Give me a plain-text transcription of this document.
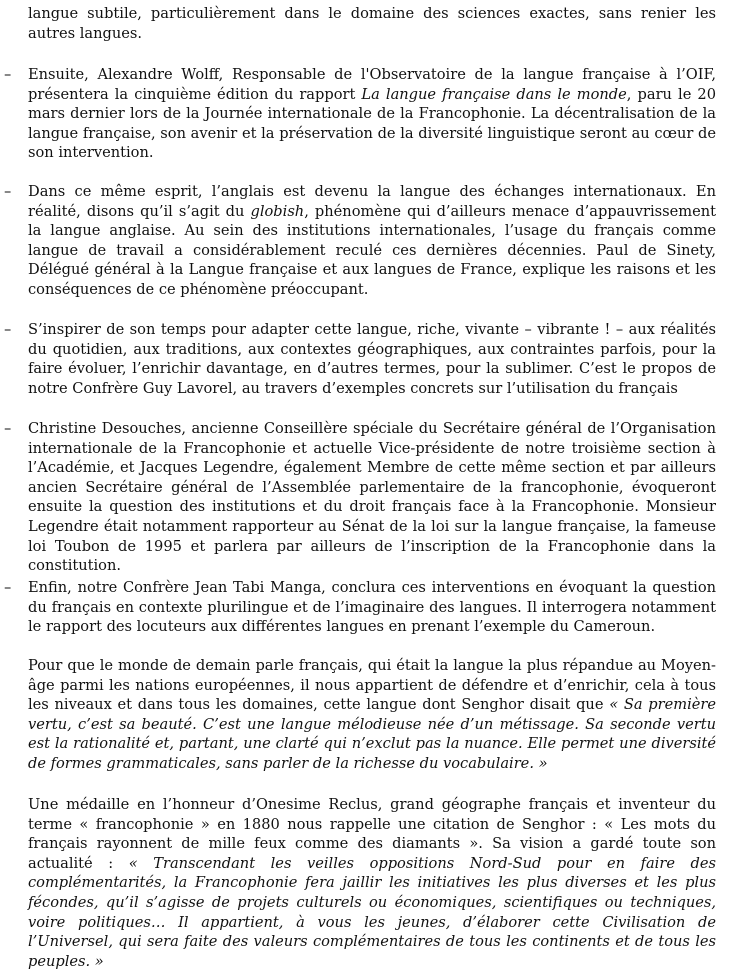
langue subtile, particulièrement dans le domaine des sciences exactes, sans renier les autres langues.

–	Ensuite, Alexandre Wolff, Responsable de l'Observatoire de la langue française à l’OIF, présentera la cinquième édition du rapport La langue française dans le monde, paru le 20 mars dernier lors de la Journée internationale de la Francophonie. La décentralisation de la langue française, son avenir et la préservation de la diversité linguistique seront au cœur de son intervention.

–	Dans ce même esprit, l’anglais est devenu la langue des échanges internationaux. En réalité, disons qu’il s’agit du globish, phénomène qui d’ailleurs menace d’appauvrissement la langue anglaise. Au sein des institutions internationales, l’usage du français comme langue de travail a considérablement reculé ces dernières décennies. Paul de Sinety, Délégué général à la Langue française et aux langues de France, explique les raisons et les conséquences de ce phénomène préoccupant.

–	S’inspirer de son temps pour adapter cette langue, riche, vivante – vibrante ! – aux réalités du quotidien, aux traditions, aux contextes géographiques, aux contraintes parfois, pour la faire évoluer, l’enrichir davantage, en d’autres termes, pour la sublimer. C’est le propos de notre Confrère Guy Lavorel, au travers d’exemples concrets sur l’utilisation du français

–	Christine Desouches, ancienne Conseillère spéciale du Secrétaire général de l’Organisation internationale de la Francophonie et actuelle Vice-présidente de notre troisième section à l’Académie, et Jacques Legendre, également Membre de cette même section et par ailleurs ancien Secrétaire général de l’Assemblée parlementaire de la francophonie, évoqueront ensuite la question des institutions et du droit français face à la Francophonie. Monsieur Legendre était notamment rapporteur au Sénat de la loi sur la langue française, la fameuse loi Toubon de 1995 et parlera par ailleurs de l’inscription de la Francophonie dans la constitution.

–	Enfin, notre Confrère Jean Tabi Manga, conclura ces interventions en évoquant la question du français en contexte plurilingue et de l’imaginaire des langues. Il interrogera notamment le rapport des locuteurs aux différentes langues en prenant l’exemple du Cameroun.

Pour que le monde de demain parle français, qui était la langue la plus répandue au Moyen-âge parmi les nations européennes, il nous appartient de défendre et d’enrichir, cela à tous les niveaux et dans tous les domaines, cette langue dont Senghor disait que « Sa première vertu, c’est sa beauté. C’est une langue mélodieuse née d’un métissage. Sa seconde vertu est la rationalité et, partant, une clarté qui n’exclut pas la nuance. Elle permet une diversité de formes grammaticales, sans parler de la richesse du vocabulaire. »

Une médaille en l’honneur d’Onesime Reclus, grand géographe français et inventeur du terme « francophonie » en 1880 nous rappelle une citation de Senghor : « Les mots du français rayonnent de mille feux comme des diamants ». Sa vision a gardé toute son actualité : « Transcendant les veilles oppositions Nord-Sud pour en faire des complémentarités, la Francophonie fera jaillir les initiatives les plus diverses et les plus fécondes, qu’il s’agisse de projets culturels ou économiques, scientifiques ou techniques, voire politiques… Il appartient, à vous les jeunes, d’élaborer cette Civilisation de l’Universel, qui sera faite des valeurs complémentaires de tous les continents et de tous les peuples. »
